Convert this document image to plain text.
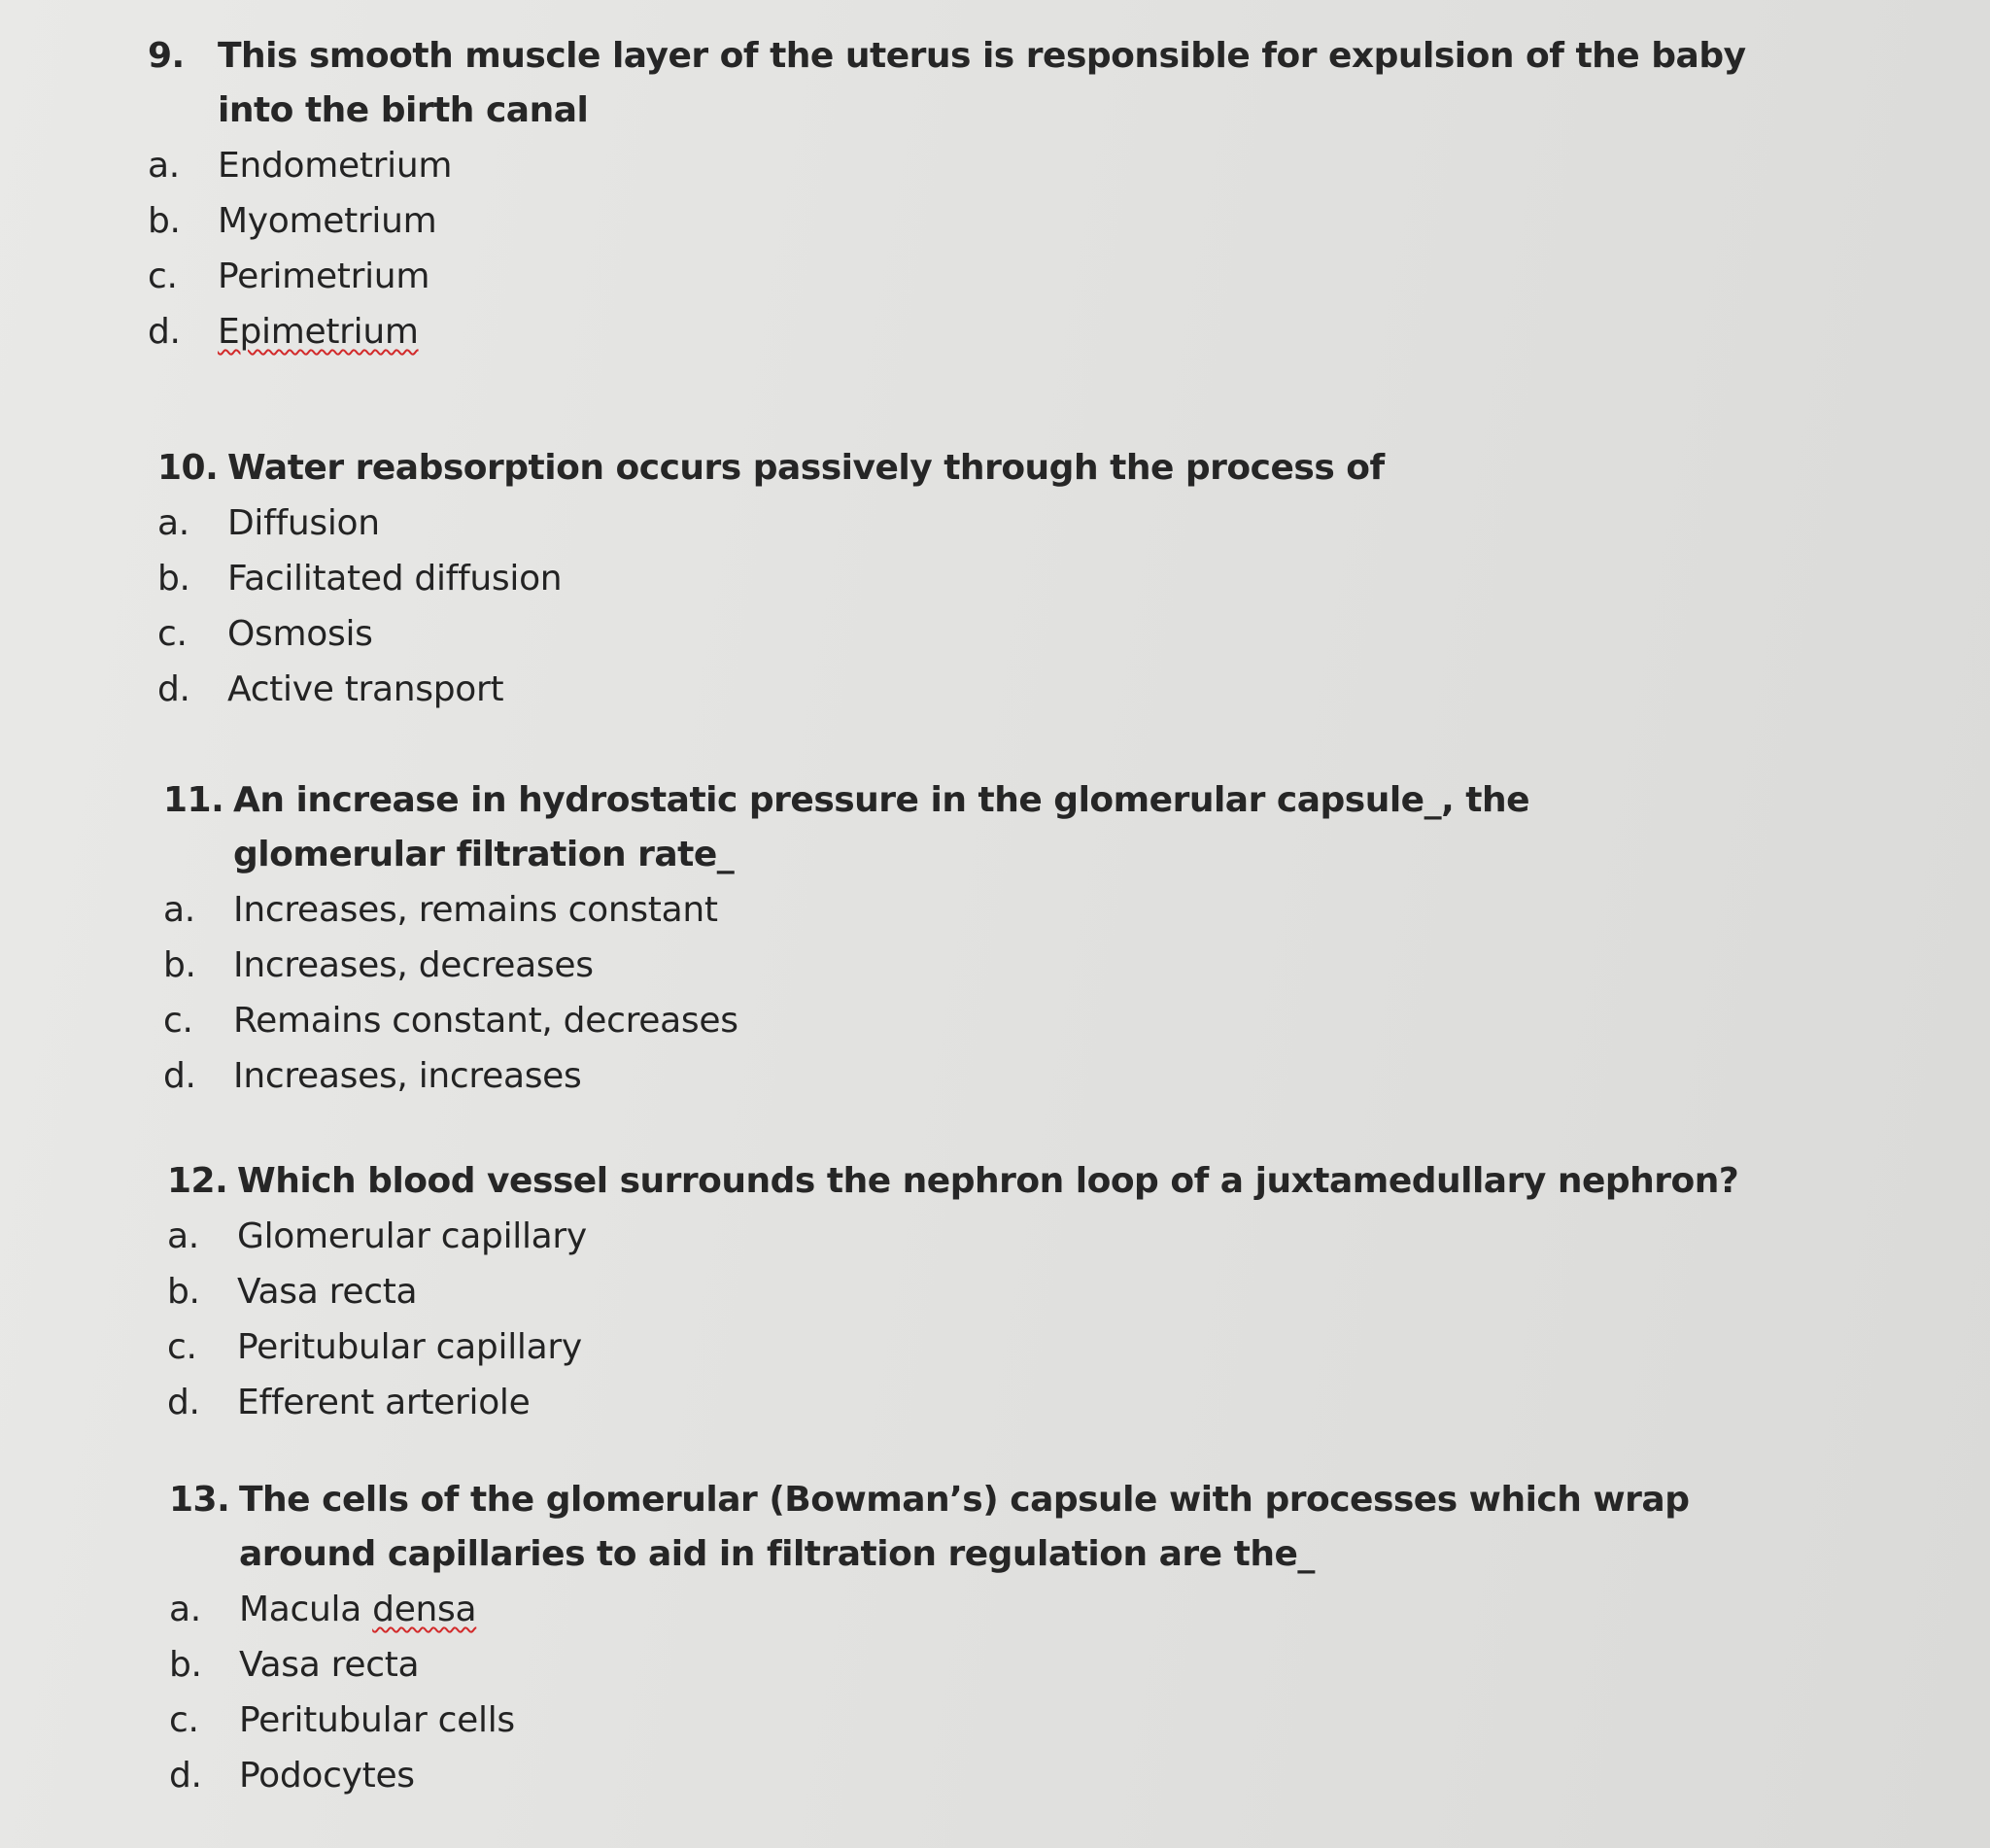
9. This smooth muscle layer of the uterus is responsible for expulsion of the baby into the birth canal
a.	Endometrium
b.	Myometrium
c.	Perimetrium
d.	Epimetrium
10. Water reabsorption occurs passively through the process of
a.	Diffusion
b.	Facilitated diffusion
c.	Osmosis
d.	Active transport
11. An increase in hydrostatic pressure in the glomerular capsule_, the glomerular filtration rate_
a.	Increases, remains constant
b.	Increases, decreases
c.	Remains constant, decreases
d.	Increases, increases
12. Which blood vessel surrounds the nephron loop of a juxtamedullary nephron?
a.	Glomerular capillary
b.	Vasa recta
c.	Peritubular capillary
d.	Efferent arteriole
13. The cells of the glomerular (Bowman’s) capsule with processes which wrap around capillaries to aid in filtration regulation are the_
a.	Macula densa
b.	Vasa recta
c.	Peritubular cells
d.	Podocytes
